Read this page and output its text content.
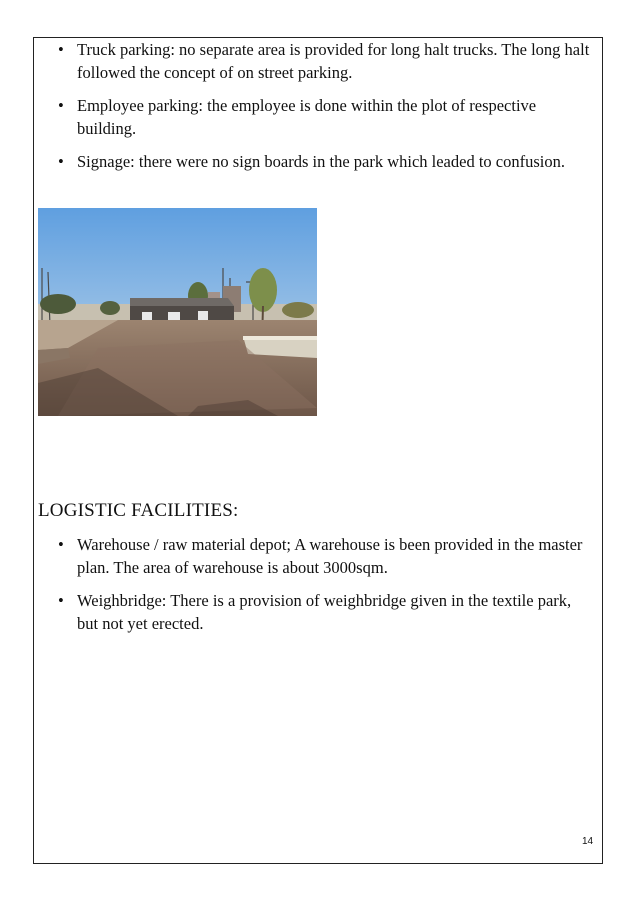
• Truck parking: no separate area is provided for long halt trucks. The long halt followed the concept of on street parking.
• Employee parking: the employee is done within the plot of respective building.
• Signage: there were no sign boards in the park which leaded to confusion.
LOGISTIC FACILITIES:
• Warehouse / raw material depot; A warehouse is been provided in the master plan. The area of warehouse is about 3000sqm.
• Weighbridge: There is a provision of weighbridge given in the textile park, but not yet erected.
14
